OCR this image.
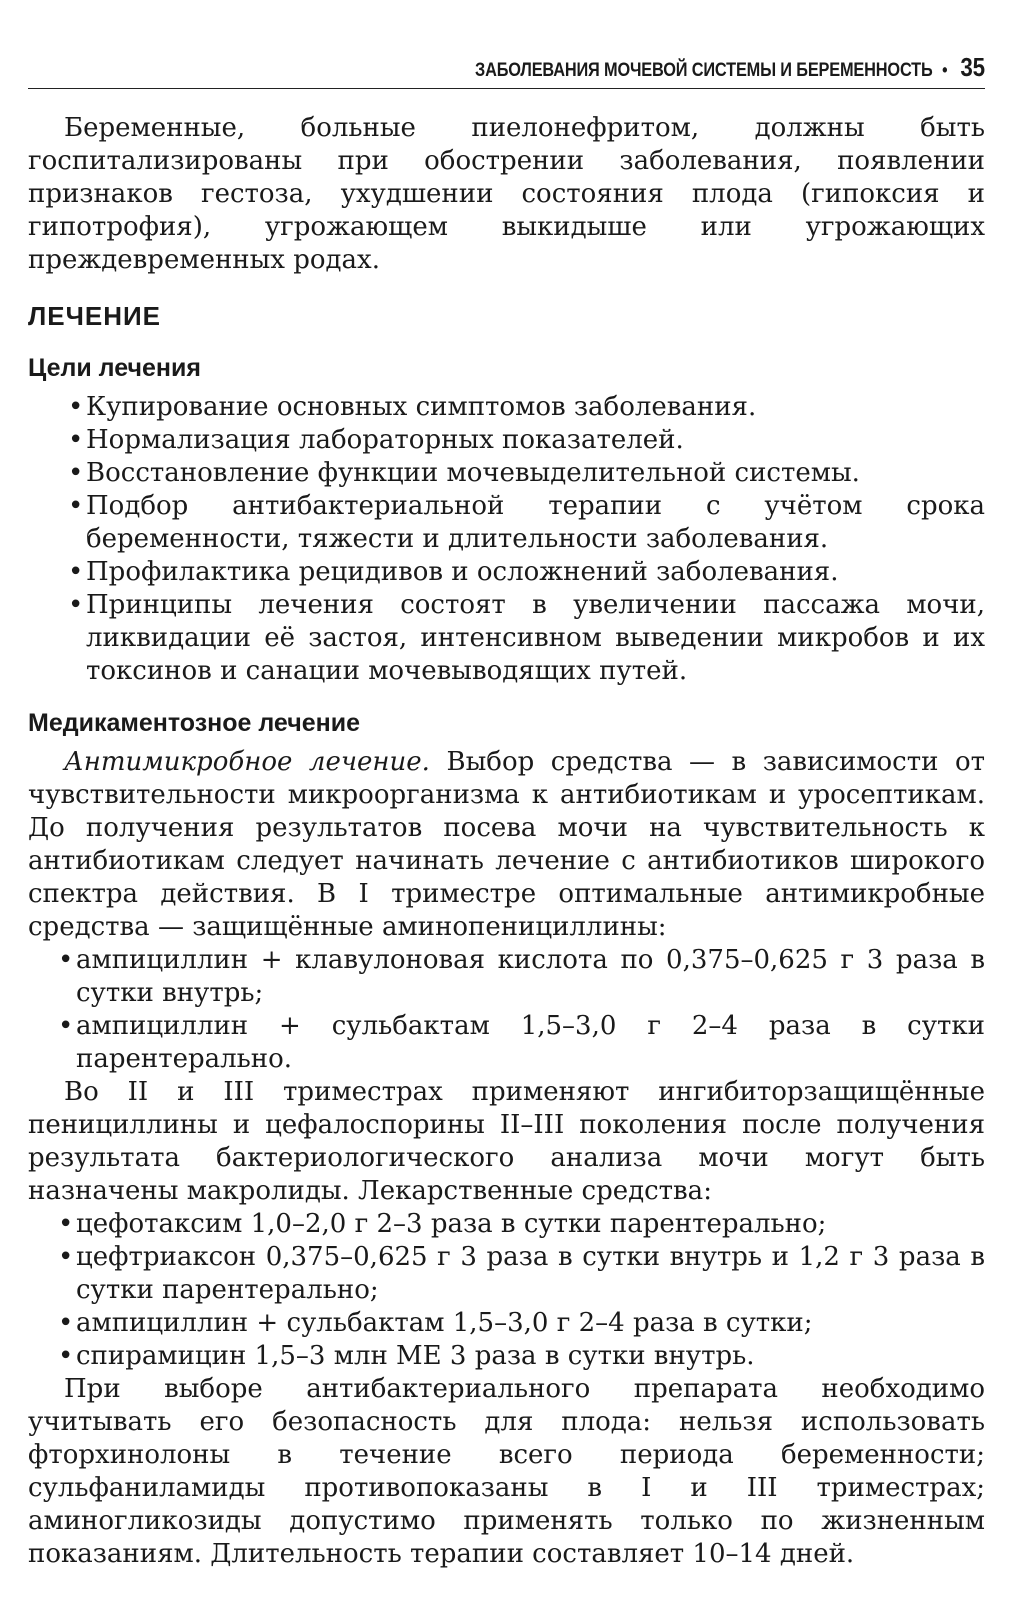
ЗАБОЛЕВАНИЯ МОЧЕВОЙ СИСТЕМЫ И БЕРЕМЕННОСТЬ • 35

Беременные, больные пиелонефритом, должны быть госпитализированы при обострении заболевания, появлении признаков гестоза, ухудшении состояния плода (гипоксия и гипотрофия), угрожающем выкидыше или угрожающих преждевременных родах.

ЛЕЧЕНИЕ
Цели лечения
• Купирование основных симптомов заболевания.
• Нормализация лабораторных показателей.
• Восстановление функции мочевыделительной системы.
• Подбор антибактериальной терапии с учётом срока беременности, тяжести и длительности заболевания.
• Профилактика рецидивов и осложнений заболевания.
• Принципы лечения состоят в увеличении пассажа мочи, ликвидации её застоя, интенсивном выведении микробов и их токсинов и санации мочевыводящих путей.
Медикаментозное лечение

Антимикробное лечение. Выбор средства — в зависимости от чувствительности микроорганизма к антибиотикам и уросептикам. До получения результатов посева мочи на чувствительность к антибиотикам следует начинать лечение с антибиотиков широкого спектра действия. В I триместре оптимальные антимикробные средства — защищённые аминопенициллины:

• ампициллин + клавулоновая кислота по 0,375–0,625 г 3 раза в сутки внутрь;
• ампициллин + сульбактам 1,5–3,0 г 2–4 раза в сутки парентерально.

Во II и III триместрах применяют ингибиторзащищённые пенициллины и цефалоспорины II–III поколения после получения результата бактериологического анализа мочи могут быть назначены макролиды. Лекарственные средства:

• цефотаксим 1,0–2,0 г 2–3 раза в сутки парентерально;
• цефтриаксон 0,375–0,625 г 3 раза в сутки внутрь и 1,2 г 3 раза в сутки парентерально;
• ампициллин + сульбактам 1,5–3,0 г 2–4 раза в сутки;
• спирамицин 1,5–3 млн МЕ 3 раза в сутки внутрь.

При выборе антибактериального препарата необходимо учитывать его безопасность для плода: нельзя использовать фторхинолоны в течение всего периода беременности; сульфаниламиды противопоказаны в I и III триместрах; аминогликозиды допустимо применять только по жизненным показаниям. Длительность терапии составляет 10–14 дней.
